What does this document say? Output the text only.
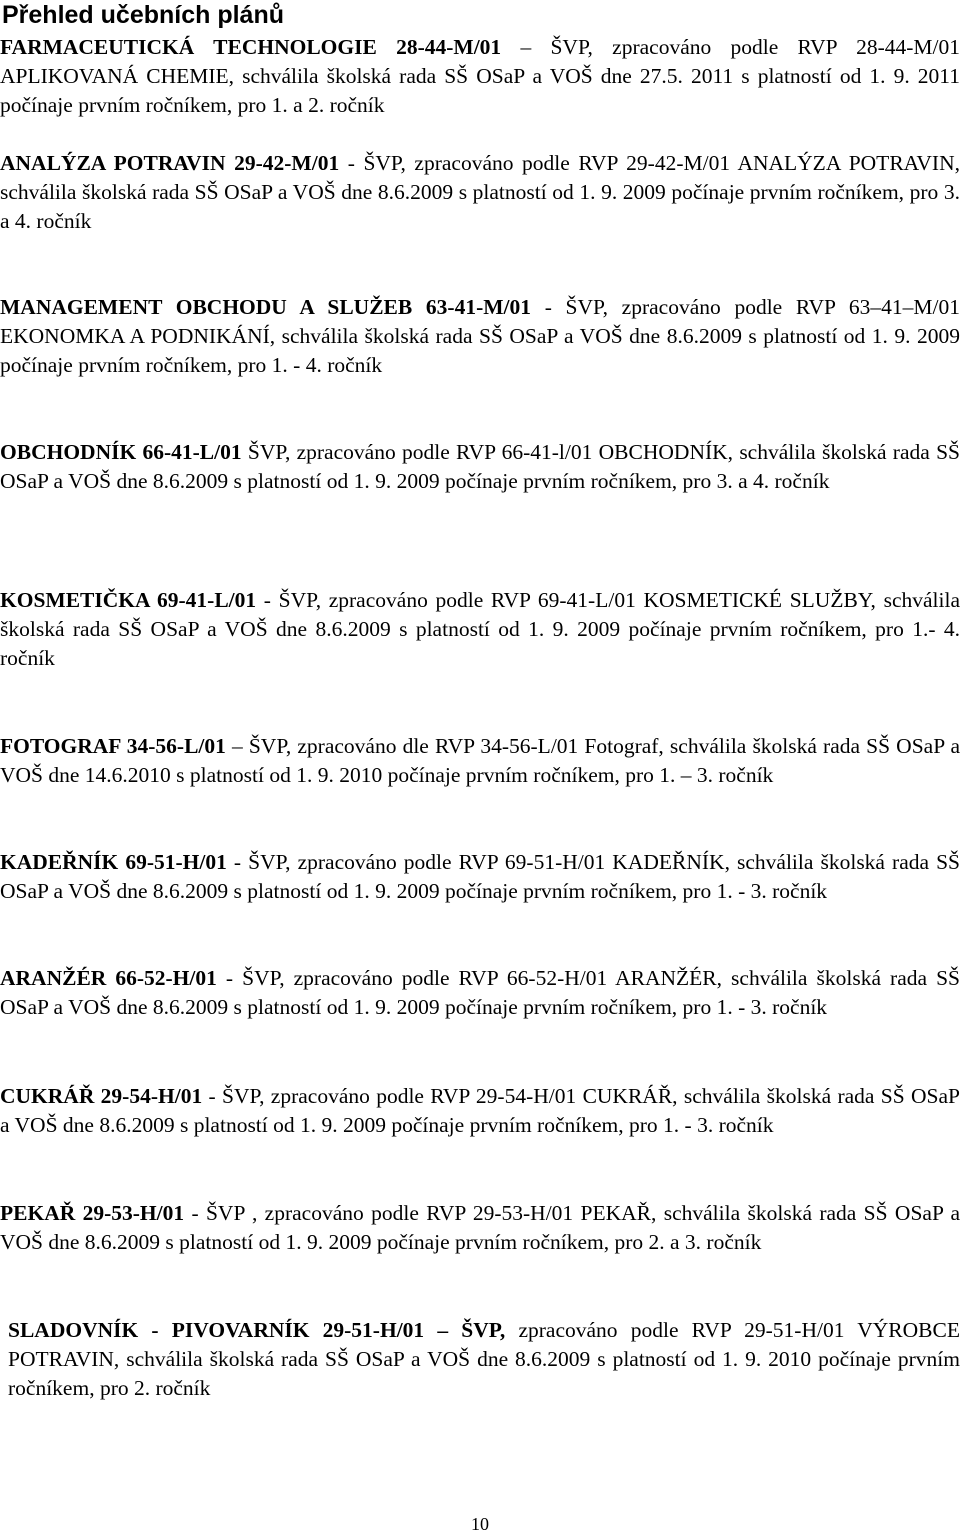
Přehled učebních plánů

FARMACEUTICKÁ TECHNOLOGIE 28-44-M/01 – ŠVP, zpracováno podle RVP 28-44-M/01 APLIKOVANÁ CHEMIE, schválila školská rada SŠ OSaP a VOŠ dne 27.5. 2011 s platností od 1. 9. 2011 počínaje prvním ročníkem, pro 1. a 2. ročník

ANALÝZA POTRAVIN 29-42-M/01 - ŠVP, zpracováno podle RVP 29-42-M/01 ANALÝZA POTRAVIN, schválila školská rada SŠ OSaP a VOŠ dne 8.6.2009 s platností od 1. 9. 2009 počínaje prvním ročníkem, pro 3. a 4. ročník

MANAGEMENT OBCHODU A SLUŽEB 63-41-M/01 - ŠVP, zpracováno podle RVP 63–41–M/01 EKONOMKA A PODNIKÁNÍ, schválila školská rada SŠ OSaP a VOŠ dne 8.6.2009 s platností od 1. 9. 2009 počínaje prvním ročníkem, pro 1. - 4. ročník

OBCHODNÍK 66-41-L/01 ŠVP, zpracováno podle RVP 66-41-l/01 OBCHODNÍK, schválila školská rada SŠ OSaP a VOŠ dne 8.6.2009 s platností od 1. 9. 2009 počínaje prvním ročníkem, pro 3. a 4. ročník

KOSMETIČKA 69-41-L/01 - ŠVP, zpracováno podle RVP 69-41-L/01 KOSMETICKÉ SLUŽBY, schválila školská rada SŠ OSaP a VOŠ dne 8.6.2009 s platností od 1. 9. 2009 počínaje prvním ročníkem, pro 1.- 4. ročník

FOTOGRAF 34-56-L/01 – ŠVP, zpracováno dle RVP 34-56-L/01 Fotograf, schválila školská rada SŠ OSaP a VOŠ dne 14.6.2010 s platností od 1. 9. 2010 počínaje prvním ročníkem, pro 1. – 3. ročník

KADEŘNÍK 69-51-H/01 - ŠVP, zpracováno podle RVP 69-51-H/01 KADEŘNÍK, schválila školská rada SŠ OSaP a VOŠ dne 8.6.2009 s platností od 1. 9. 2009 počínaje prvním ročníkem, pro 1. - 3. ročník

ARANŽÉR 66-52-H/01 - ŠVP, zpracováno podle RVP 66-52-H/01 ARANŽÉR, schválila školská rada SŠ OSaP a VOŠ dne 8.6.2009 s platností od 1. 9. 2009 počínaje prvním ročníkem, pro 1. - 3. ročník

CUKRÁŘ 29-54-H/01 - ŠVP, zpracováno podle RVP 29-54-H/01 CUKRÁŘ, schválila školská rada SŠ OSaP a VOŠ dne 8.6.2009 s platností od 1. 9. 2009 počínaje prvním ročníkem, pro 1. - 3. ročník

PEKAŘ 29-53-H/01 - ŠVP , zpracováno podle RVP 29-53-H/01 PEKAŘ, schválila školská rada SŠ OSaP a VOŠ dne 8.6.2009 s platností od 1. 9. 2009 počínaje prvním ročníkem, pro 2. a 3. ročník

SLADOVNÍK - PIVOVARNÍK 29-51-H/01 – ŠVP, zpracováno podle RVP 29-51-H/01 VÝROBCE POTRAVIN, schválila školská rada SŠ OSaP a VOŠ dne 8.6.2009 s platností od 1. 9. 2010 počínaje prvním ročníkem, pro 2. ročník

10
